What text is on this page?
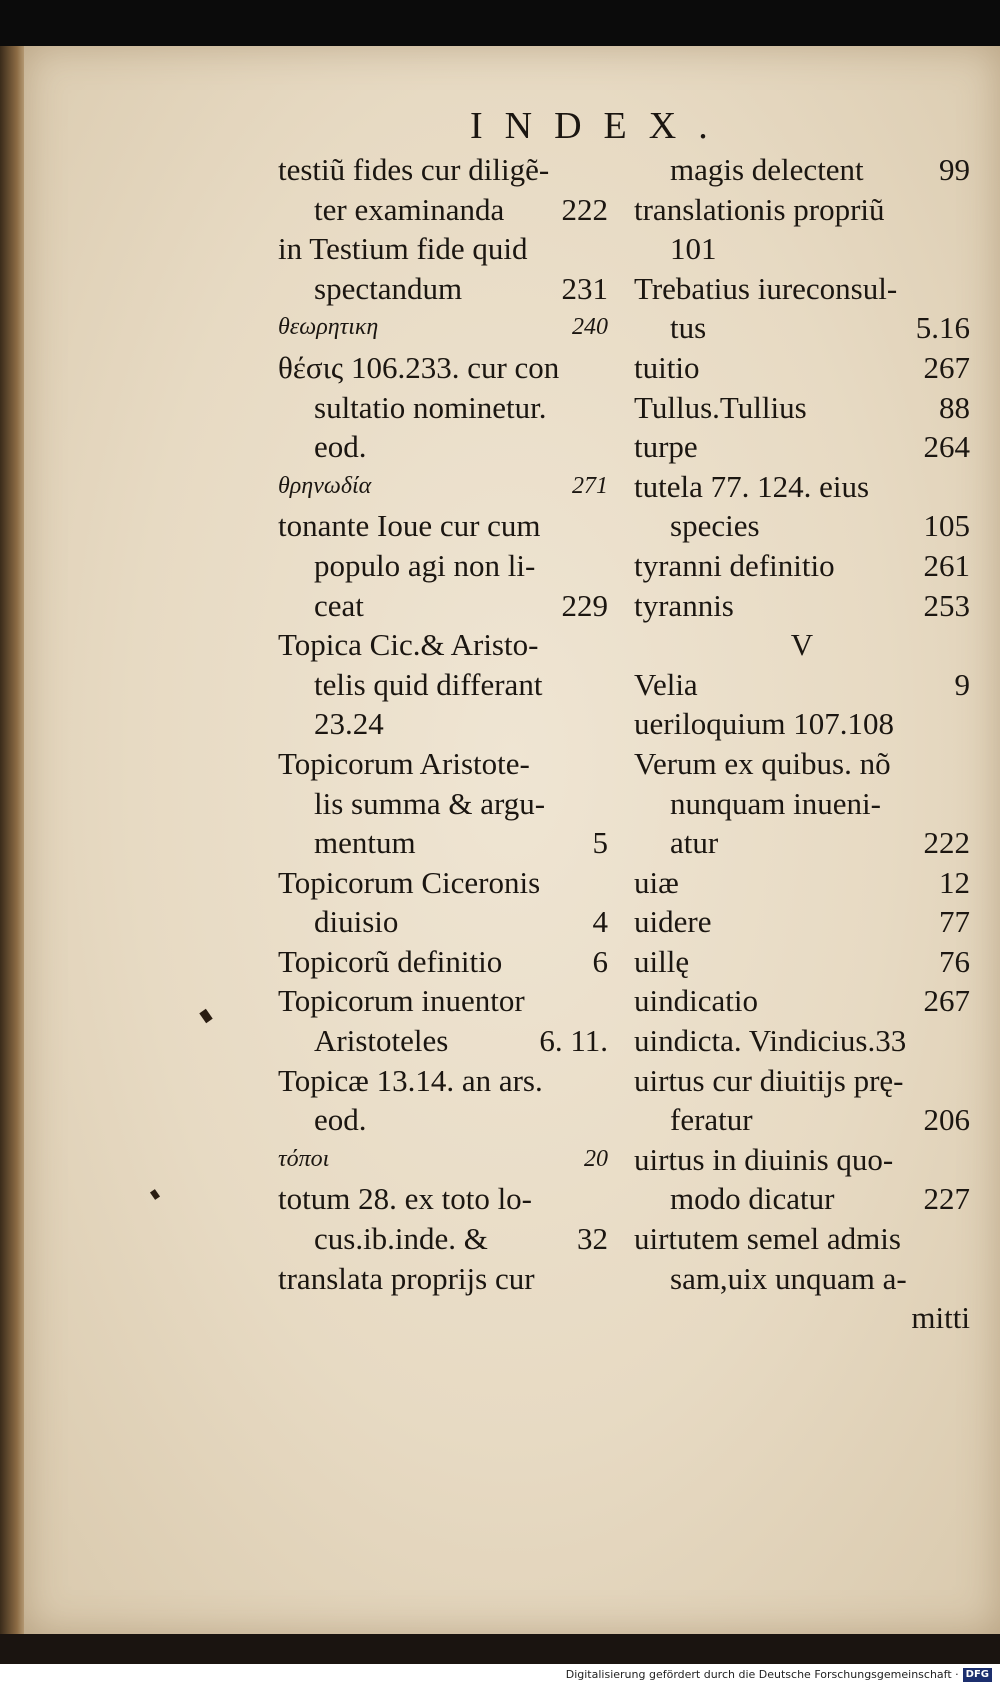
INDEX.
testiũ fides cur diligẽ-
ter examinanda 222
in Testium fide quid
spectandum	231
θεωρητικη	240
θέσις 106.233. cur con
sultatio nominetur.
eod.
θρηνωδία	271
tonante Ioue cur cum
populo agi non li-
ceat	229
Topica Cic.& Aristo-
telis quid differant
23.24
Topicorum Aristote-
lis summa & argu-
mentum	5
Topicorum Ciceronis
diuisio	4
Topicorũ definitio	6
Topicorum inuentor
Aristoteles	6. 11.
Topicæ 13.14. an ars.
eod.
τόποι	20
totum 28. ex toto lo-
cus.ib.inde. &	32
translata proprijs cur
magis delectent 99
translationis propriũ
101
Trebatius iureconsul-
tus	5.16
tuitio	267
Tullus.Tullius	88
turpe	264
tutela 77. 124. eius
species	105
tyranni definitio	261
tyrannis	253
V
Velia	9
ueriloquium 107.108
Verum ex quibus. nõ
nunquam inueni-
atur	222
uiæ	12
uidere	77
uillę	76
uindicatio	267
uindicta. Vindicius.33
uirtus cur diuitijs prę-
feratur	206
uirtus in diuinis quo-
modo dicatur	227
uirtutem semel admis
sam,uix unquam a-
mitti
Digitalisierung gefördert durch die Deutsche Forschungsgemeinschaft · DFG
